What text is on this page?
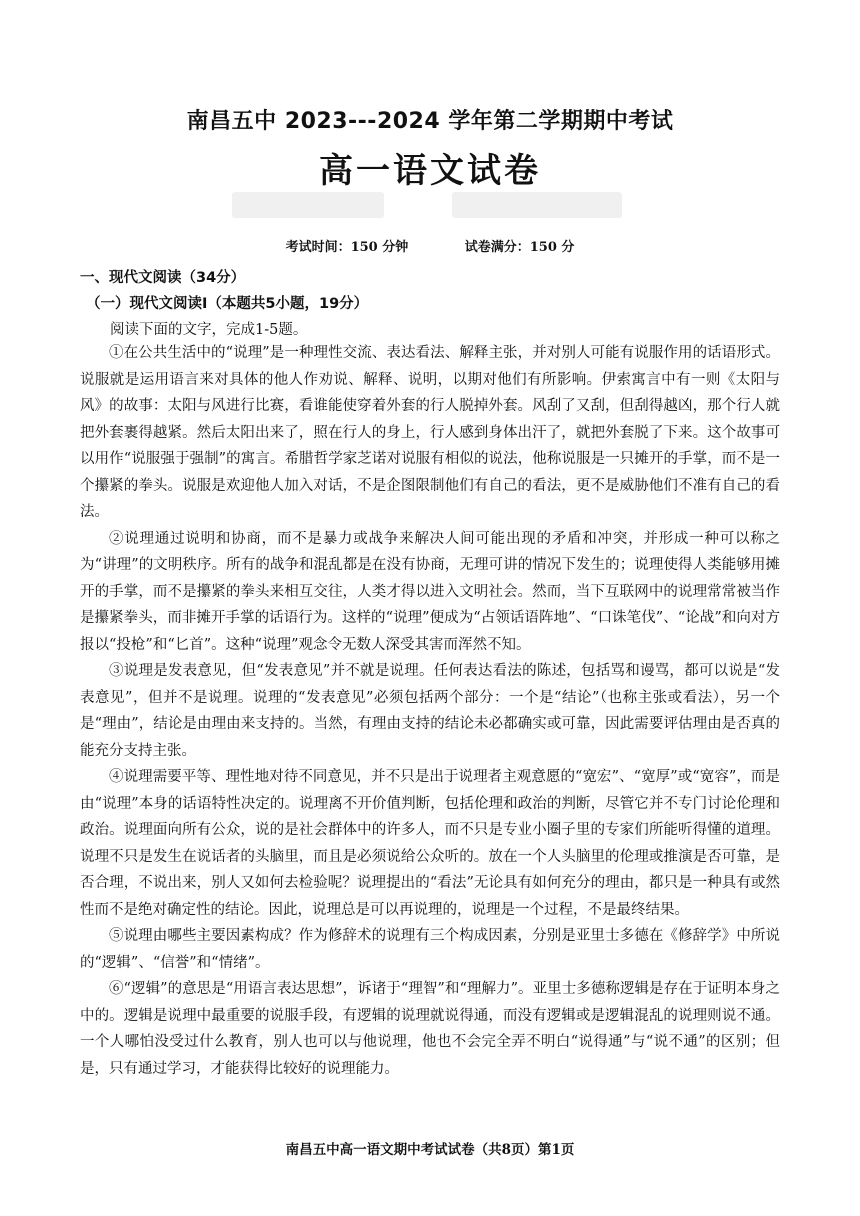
南昌五中 2023---2024 学年第二学期期中考试
高一语文试卷
考试时间：150 分钟	试卷满分：150 分
一、现代文阅读（34分）
（一）现代文阅读Ⅰ（本题共5小题，19分）
阅读下面的文字，完成1-5题。

①在公共生活中的“说理”是一种理性交流、表达看法、解释主张，并对别人可能有说服作用的话语形式。说服就是运用语言来对具体的他人作劝说、解释、说明，以期对他们有所影响。伊索寓言中有一则《太阳与风》的故事：太阳与风进行比赛，看谁能使穿着外套的行人脱掉外套。风刮了又刮，但刮得越凶，那个行人就把外套裹得越紧。然后太阳出来了，照在行人的身上，行人感到身体出汗了，就把外套脱了下来。这个故事可以用作“说服强于强制”的寓言。希腊哲学家芝诺对说服有相似的说法，他称说服是一只摊开的手掌，而不是一个攥紧的拳头。说服是欢迎他人加入对话，不是企图限制他们有自己的看法，更不是威胁他们不准有自己的看法。

②说理通过说明和协商，而不是暴力或战争来解决人间可能出现的矛盾和冲突，并形成一种可以称之为“讲理”的文明秩序。所有的战争和混乱都是在没有协商，无理可讲的情况下发生的；说理使得人类能够用摊开的手掌，而不是攥紧的拳头来相互交往，人类才得以进入文明社会。然而，当下互联网中的说理常常被当作是攥紧拳头，而非摊开手掌的话语行为。这样的“说理”便成为“占领话语阵地”、“口诛笔伐”、“论战”和向对方报以“投枪”和“匕首”。这种“说理”观念令无数人深受其害而浑然不知。

③说理是发表意见，但“发表意见”并不就是说理。任何表达看法的陈述，包括骂和谩骂，都可以说是“发表意见”，但并不是说理。说理的“发表意见”必须包括两个部分：一个是“结论”（也称主张或看法），另一个是“理由”，结论是由理由来支持的。当然，有理由支持的结论未必都确实或可靠，因此需要评估理由是否真的能充分支持主张。

④说理需要平等、理性地对待不同意见，并不只是出于说理者主观意愿的“宽宏”、“宽厚”或“宽容”，而是由“说理”本身的话语特性决定的。说理离不开价值判断，包括伦理和政治的判断，尽管它并不专门讨论伦理和政治。说理面向所有公众，说的是社会群体中的许多人，而不只是专业小圈子里的专家们所能听得懂的道理。说理不只是发生在说话者的头脑里，而且是必须说给公众听的。放在一个人头脑里的伦理或推演是否可靠，是否合理，不说出来，别人又如何去检验呢？说理提出的“看法”无论具有如何充分的理由，都只是一种具有或然性而不是绝对确定性的结论。因此，说理总是可以再说理的，说理是一个过程，不是最终结果。

⑤说理由哪些主要因素构成？作为修辞术的说理有三个构成因素，分别是亚里士多德在《修辞学》中所说的“逻辑”、“信誉”和“情绪”。

⑥“逻辑”的意思是“用语言表达思想”，诉诸于“理智”和“理解力”。亚里士多德称逻辑是存在于证明本身之中的。逻辑是说理中最重要的说服手段，有逻辑的说理就说得通，而没有逻辑或是逻辑混乱的说理则说不通。一个人哪怕没受过什么教育，别人也可以与他说理，他也不会完全弄不明白“说得通”与“说不通”的区别；但是，只有通过学习，才能获得比较好的说理能力。

南昌五中高一语文期中考试试卷（共8页）第1页
